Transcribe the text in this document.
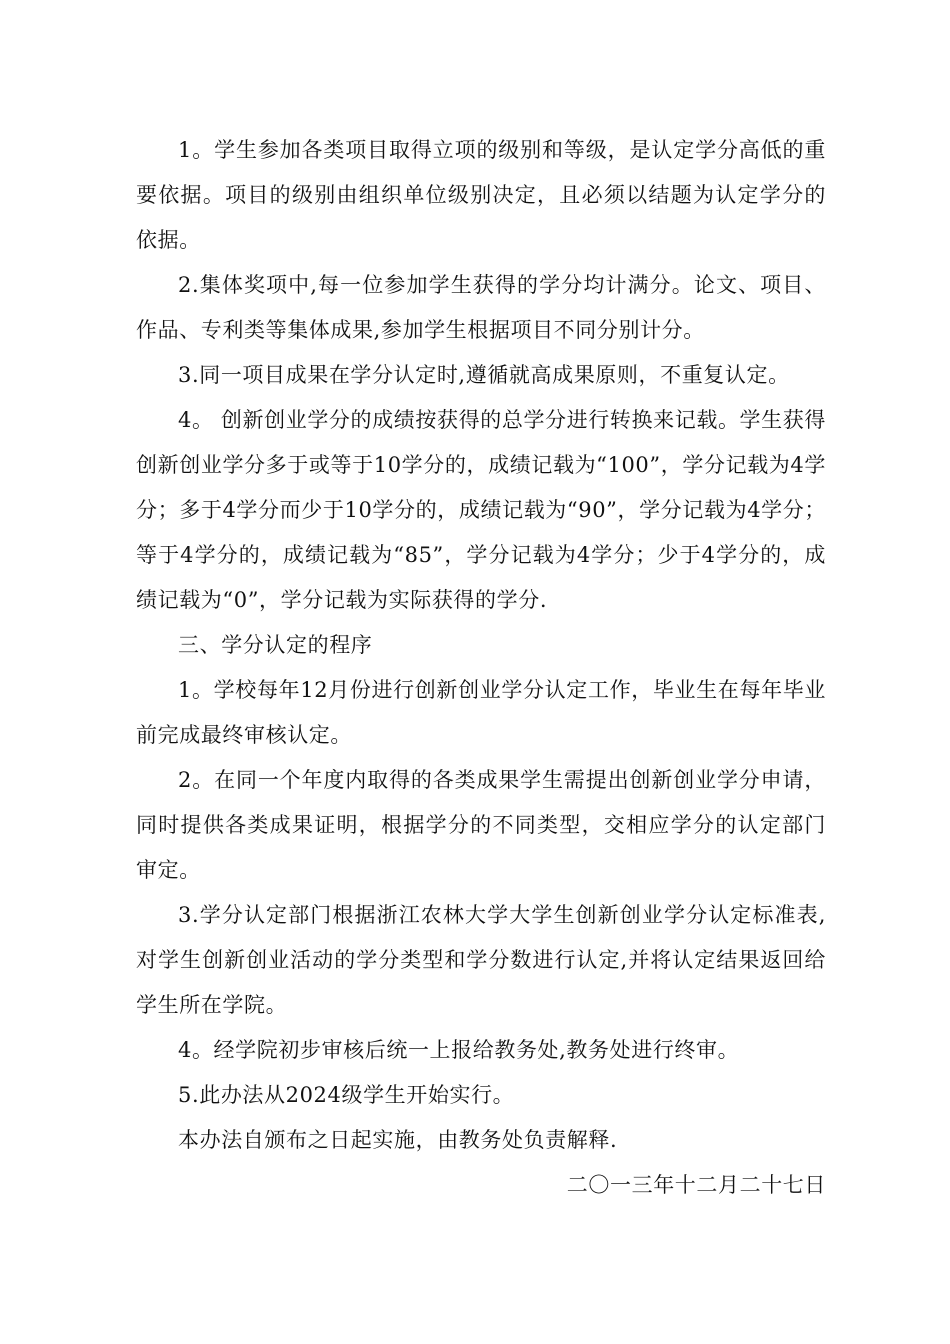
1。学生参加各类项目取得立项的级别和等级，是认定学分高低的重要依据。项目的级别由组织单位级别决定，且必须以结题为认定学分的依据。

2.集体奖项中,每一位参加学生获得的学分均计满分。论文、项目、作品、专利类等集体成果,参加学生根据项目不同分别计分。

3.同一项目成果在学分认定时,遵循就高成果原则，不重复认定。

4。 创新创业学分的成绩按获得的总学分进行转换来记载。学生获得创新创业学分多于或等于10学分的，成绩记载为“100”，学分记载为4学分；多于4学分而少于10学分的，成绩记载为“90”，学分记载为4学分；等于4学分的，成绩记载为“85”，学分记载为4学分；少于4学分的，成绩记载为“0”，学分记载为实际获得的学分.

三、学分认定的程序

1。学校每年12月份进行创新创业学分认定工作，毕业生在每年毕业前完成最终审核认定。

2。在同一个年度内取得的各类成果学生需提出创新创业学分申请，同时提供各类成果证明，根据学分的不同类型，交相应学分的认定部门审定。

3.学分认定部门根据浙江农林大学大学生创新创业学分认定标准表,对学生创新创业活动的学分类型和学分数进行认定,并将认定结果返回给学生所在学院。

4。经学院初步审核后统一上报给教务处,教务处进行终审。

5.此办法从2024级学生开始实行。

本办法自颁布之日起实施，由教务处负责解释.

二〇一三年十二月二十七日
